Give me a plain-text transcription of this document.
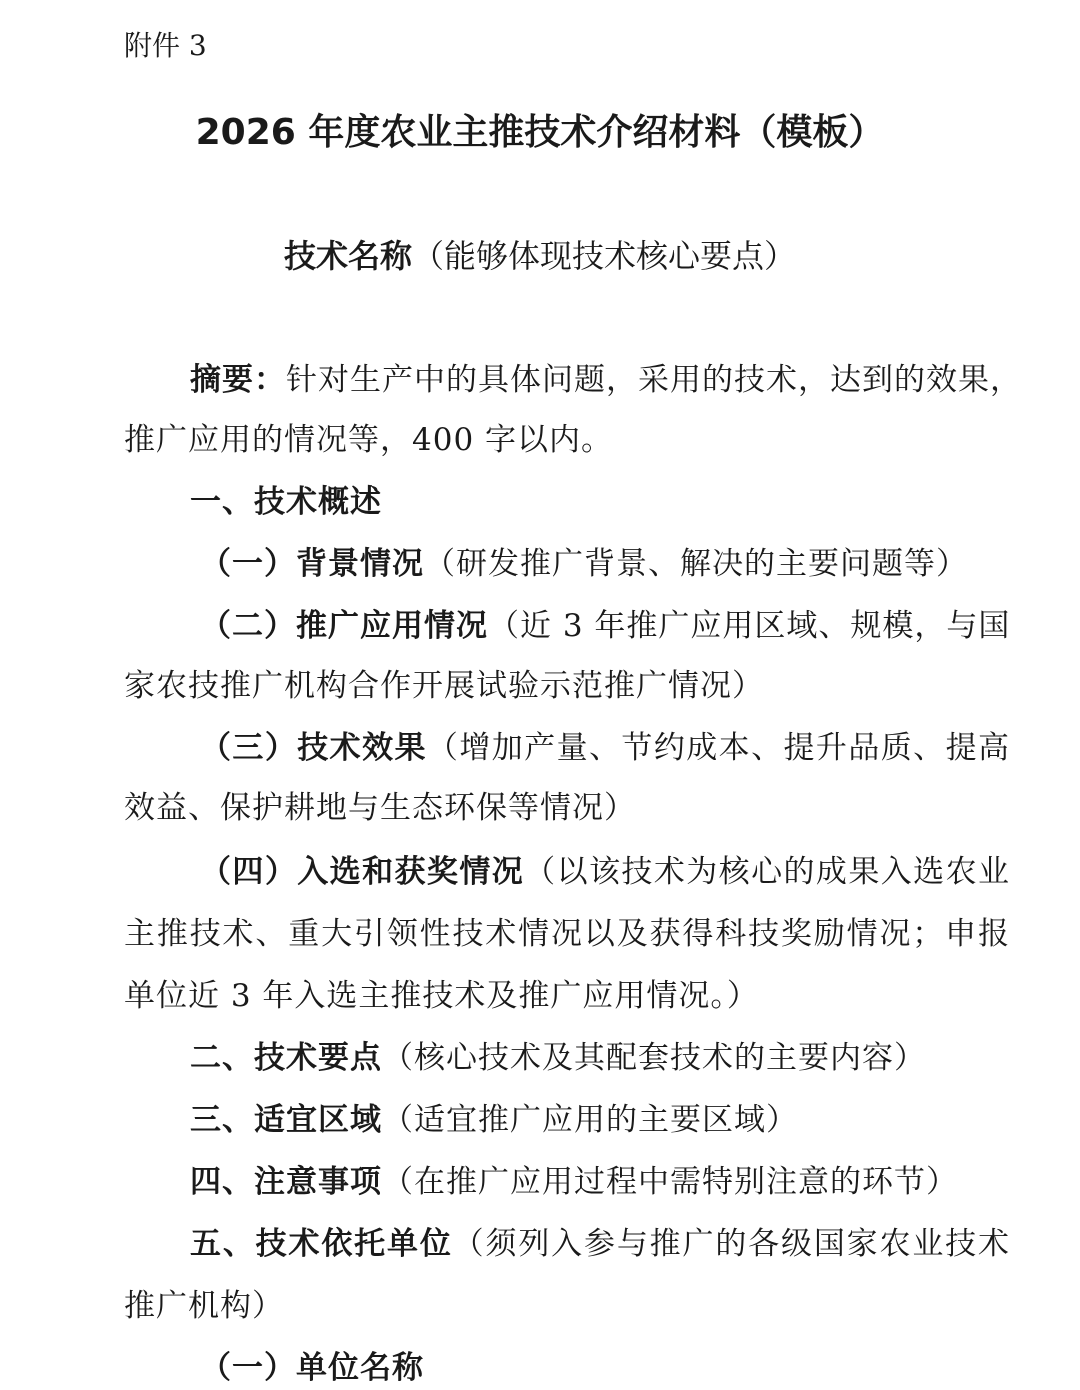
附件 3
2026 年度农业主推技术介绍材料（模板）
技术名称（能够体现技术核心要点）
摘要：针对生产中的具体问题，采用的技术，达到的效果，
推广应用的情况等，400 字以内。
一、技术概述
（一）背景情况（研发推广背景、解决的主要问题等）
（二）推广应用情况（近 3 年推广应用区域、规模，与国
家农技推广机构合作开展试验示范推广情况）
（三）技术效果（增加产量、节约成本、提升品质、提高
效益、保护耕地与生态环保等情况）
（四）入选和获奖情况（以该技术为核心的成果入选农业
主推技术、重大引领性技术情况以及获得科技奖励情况；申报
单位近 3 年入选主推技术及推广应用情况。）
二、技术要点（核心技术及其配套技术的主要内容）
三、适宜区域（适宜推广应用的主要区域）
四、注意事项（在推广应用过程中需特别注意的环节）
五、技术依托单位（须列入参与推广的各级国家农业技术
推广机构）
（一）单位名称
